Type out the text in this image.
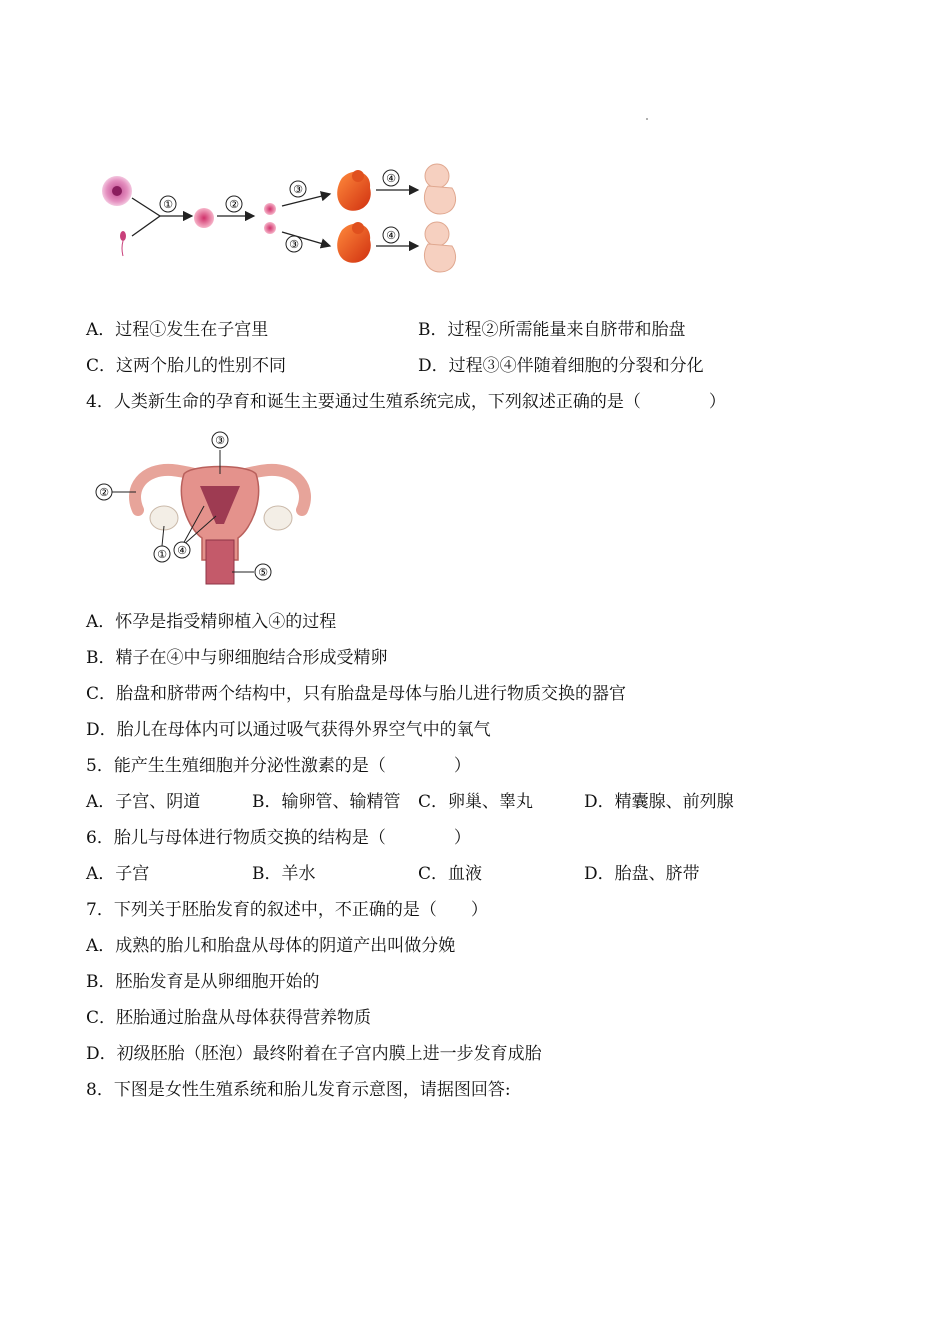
①	②
③
③
④
④
A．过程①发生在子宫里	B．过程②所需能量来自脐带和胎盘
C．这两个胎儿的性别不同	D．过程③④伴随着细胞的分裂和分化
4．人类新生命的孕育和诞生主要通过生殖系统完成，下列叙述正确的是（　　　　）
③
②
① ④
⑤
A．怀孕是指受精卵植入④的过程
B．精子在④中与卵细胞结合形成受精卵
C．胎盘和脐带两个结构中，只有胎盘是母体与胎儿进行物质交换的器官
D．胎儿在母体内可以通过吸气获得外界空气中的氧气
5．能产生生殖细胞并分泌性激素的是（　　　　）
A．子宫、阴道	B．输卵管、输精管 C．卵巢、睾丸	D．精囊腺、前列腺
6．胎儿与母体进行物质交换的结构是（　　　　）
A．子宫	B．羊水	C．血液	D．胎盘、脐带
7．下列关于胚胎发育的叙述中，不正确的是（　　）
A．成熟的胎儿和胎盘从母体的阴道产出叫做分娩
B．胚胎发育是从卵细胞开始的
C．胚胎通过胎盘从母体获得营养物质
D．初级胚胎（胚泡）最终附着在子宫内膜上进一步发育成胎
8．下图是女性生殖系统和胎儿发育示意图，请据图回答:
